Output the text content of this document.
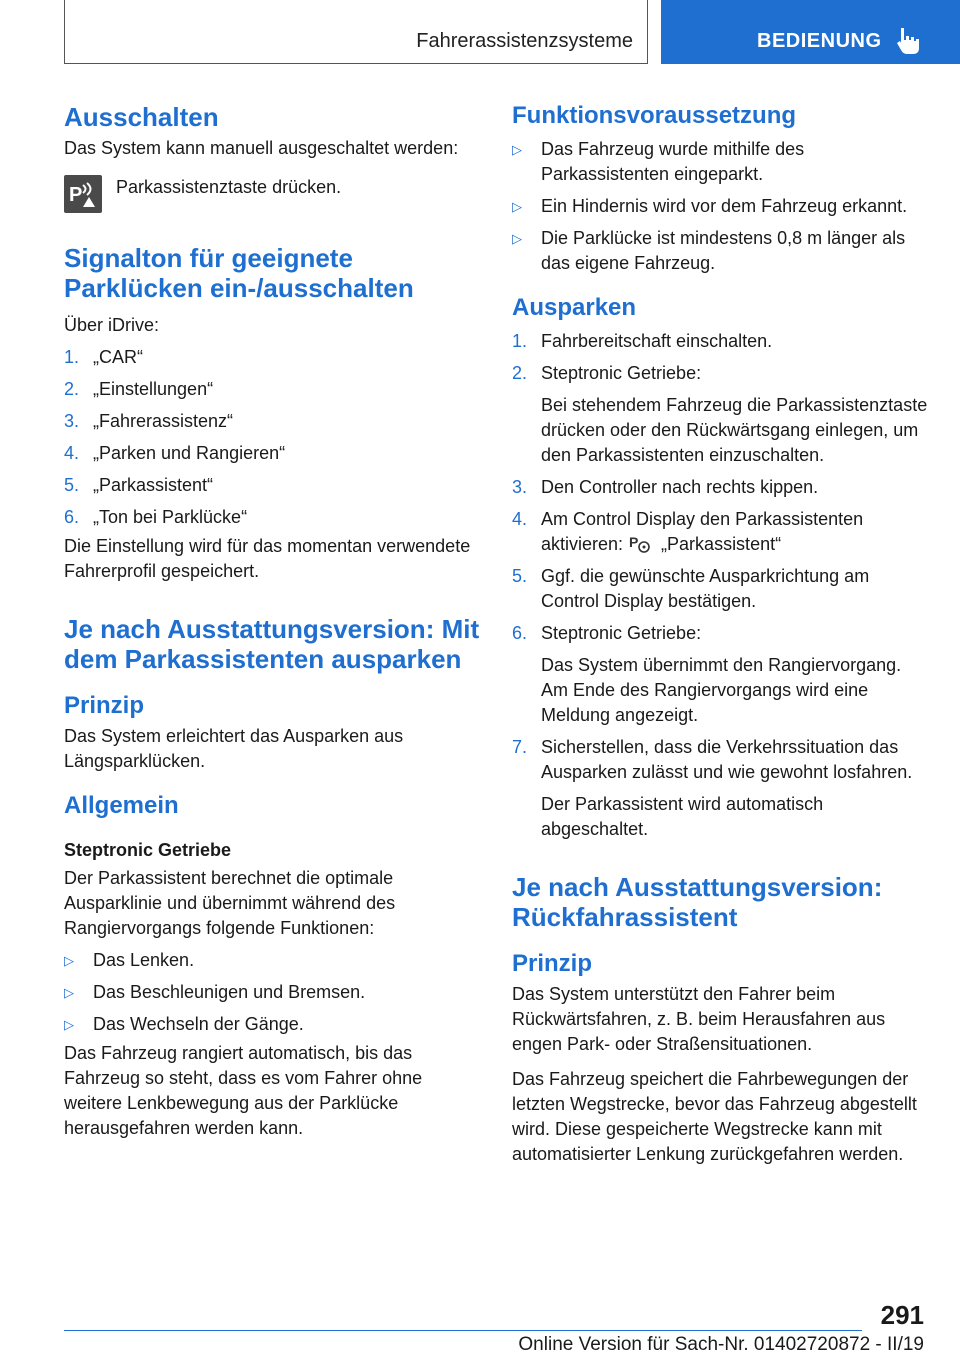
Fahrerassistenzsysteme	BEDIENUNG
Ausschalten

Das System kann manuell ausgeschaltet werden:

P Parkassistenztaste drücken.

Signalton für geeignete Parklücken ein-/ausschalten

Über iDrive:

1. „CAR“
2. „Einstellungen“
3. „Fahrerassistenz“
4. „Parken und Rangieren“
5. „Parkassistent“
6. „Ton bei Parklücke“

Die Einstellung wird für das momentan verwendete Fahrerprofil gespeichert.

Je nach Ausstattungsversion: Mit dem Parkassistenten ausparken
Prinzip

Das System erleichtert das Ausparken aus Längsparklücken.

Allgemein
Steptronic Getriebe

Der Parkassistent berechnet die optimale Ausparklinie und übernimmt während des Rangiervorgangs folgende Funktionen:

▷	Das Lenken.
▷	Das Beschleunigen und Bremsen.
▷	Das Wechseln der Gänge.

Das Fahrzeug rangiert automatisch, bis das Fahrzeug so steht, dass es vom Fahrer ohne weitere Lenkbewegung aus der Parklücke herausgefahren werden kann.

Funktionsvoraussetzung
▷	Das Fahrzeug wurde mithilfe des Parkassistenten eingeparkt.
▷	Ein Hindernis wird vor dem Fahrzeug erkannt.
▷	Die Parklücke ist mindestens 0,8 m länger als das eigene Fahrzeug.
Ausparken
1. Fahrbereitschaft einschalten.
2. Steptronic Getriebe:

Bei stehendem Fahrzeug die Parkassistenztaste drücken oder den Rückwärtsgang einlegen, um den Parkassistenten einzuschalten.

3. Den Controller nach rechts kippen.
4. Am Control Display den Parkassistenten aktivieren: P „Parkassistent“
5. Ggf. die gewünschte Ausparkrichtung am Control Display bestätigen.
6. Steptronic Getriebe:

Das System übernimmt den Rangiervorgang. Am Ende des Rangiervorgangs wird eine Meldung angezeigt.

7. Sicherstellen, dass die Verkehrssituation das Ausparken zulässt und wie gewohnt losfahren.

Der Parkassistent wird automatisch abgeschaltet.

Je nach Ausstattungsversion: Rückfahrassistent
Prinzip

Das System unterstützt den Fahrer beim Rückwärtsfahren, z. B. beim Herausfahren aus engen Park- oder Straßensituationen.

Das Fahrzeug speichert die Fahrbewegungen der letzten Wegstrecke, bevor das Fahrzeug abgestellt wird. Diese gespeicherte Wegstrecke kann mit automatisierter Lenkung zurückgefahren werden.

291
Online Version für Sach-Nr. 01402720872 - II/19
